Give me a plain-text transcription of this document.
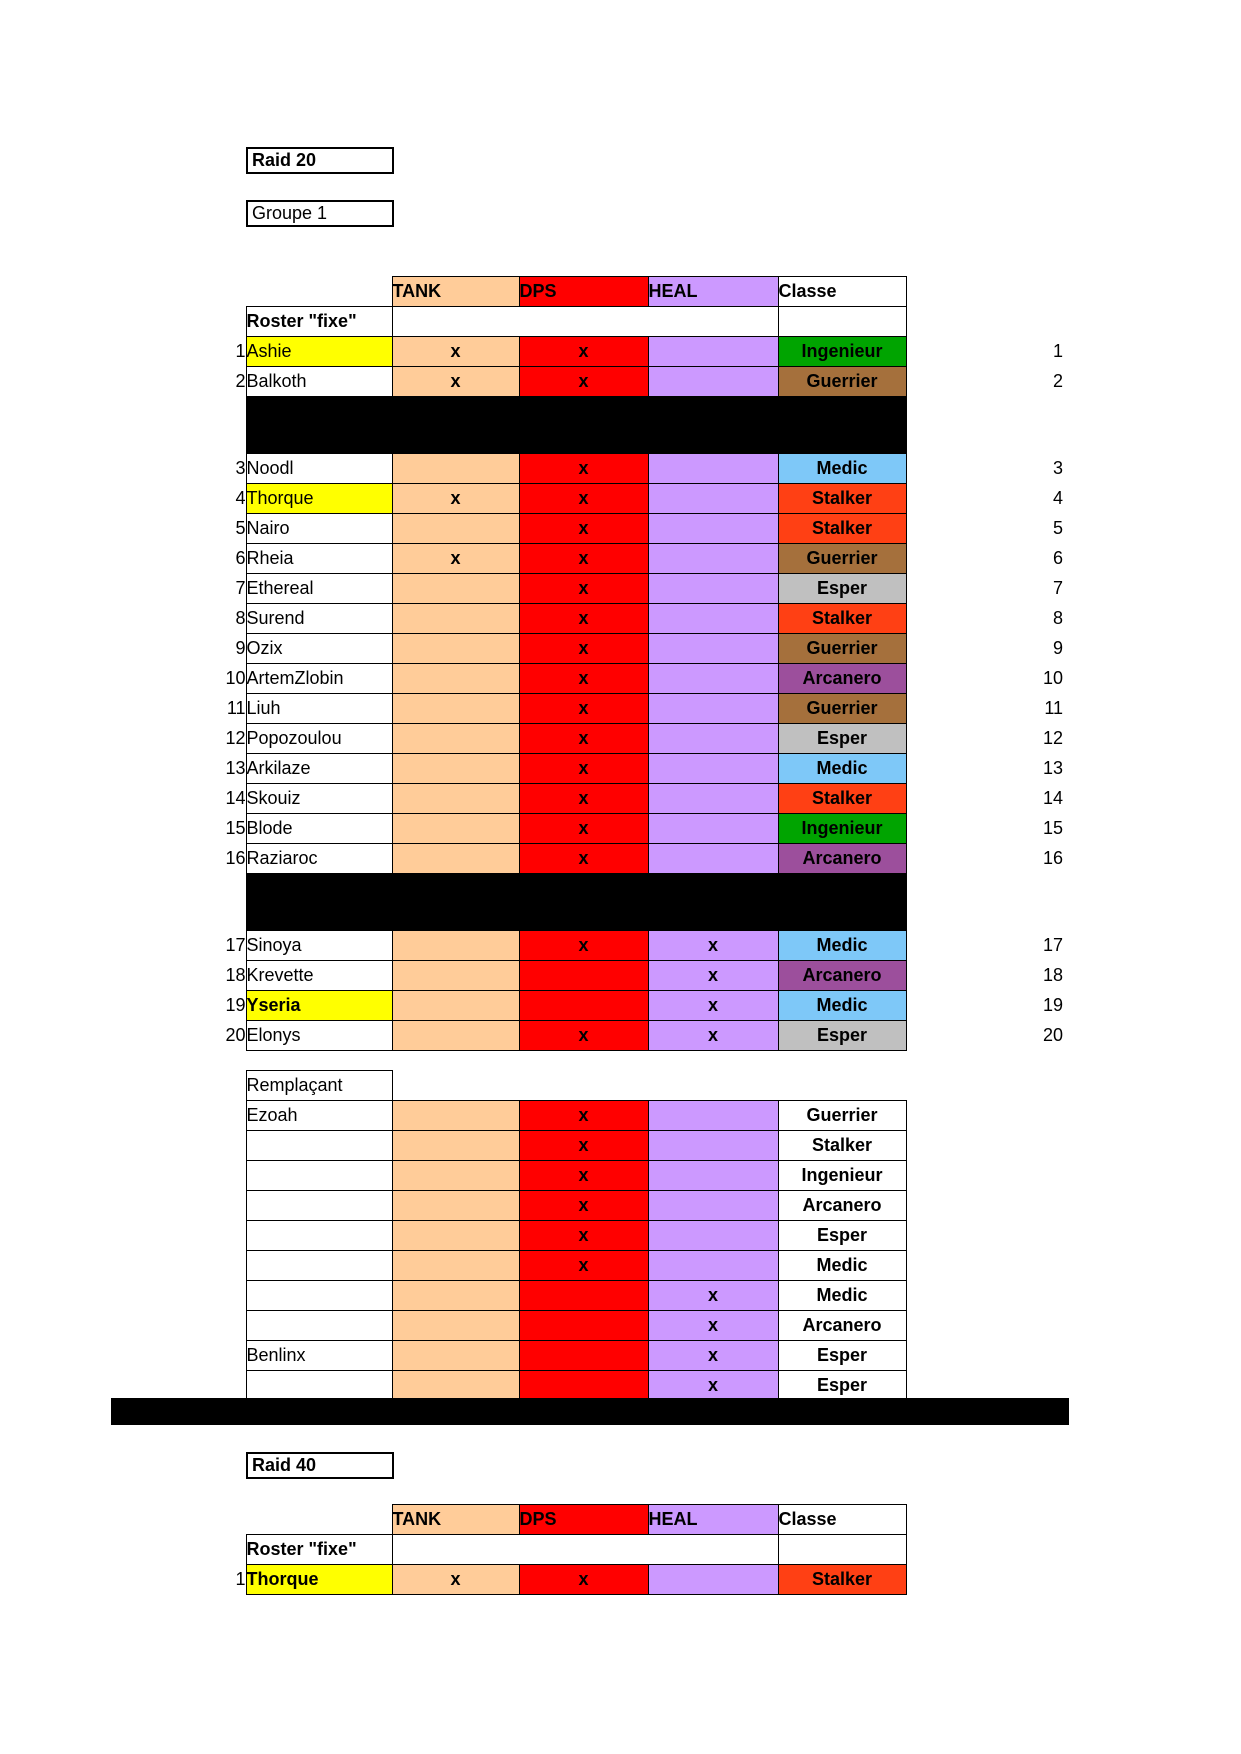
Raid 20
Groupe 1
		TANK	DPS	HEAL	Classe	
	Roster "fixe"					
1	Ashie	x	x		Ingenieur	1
2	Balkoth	x	x		Guerrier	2

3	Noodl		x		Medic	3
4	Thorque	x	x		Stalker	4
5	Nairo		x		Stalker	5
6	Rheia	x	x		Guerrier	6
7	Ethereal		x		Esper	7
8	Surend		x		Stalker	8
9	Ozix		x		Guerrier	9
10	ArtemZlobin		x		Arcanero	10
11	Liuh		x		Guerrier	11
12	Popozoulou		x		Esper	12
13	Arkilaze		x		Medic	13
14	Skouiz		x		Stalker	14
15	Blode		x		Ingenieur	15
16	Raziaroc		x		Arcanero	16

17	Sinoya		x	x	Medic	17
18	Krevette			x	Arcanero	18
19	Yseria			x	Medic	19
20	Elonys		x	x	Esper	20
	Remplaçant					
	Ezoah		x		Guerrier	
			x		Stalker	
			x		Ingenieur	
			x		Arcanero	
			x		Esper	
			x		Medic	
				x	Medic	
				x	Arcanero	
	Benlinx			x	Esper	
				x	Esper	
Raid 40
		TANK	DPS	HEAL	Classe	
	Roster "fixe"					
1	Thorque	x	x		Stalker	
